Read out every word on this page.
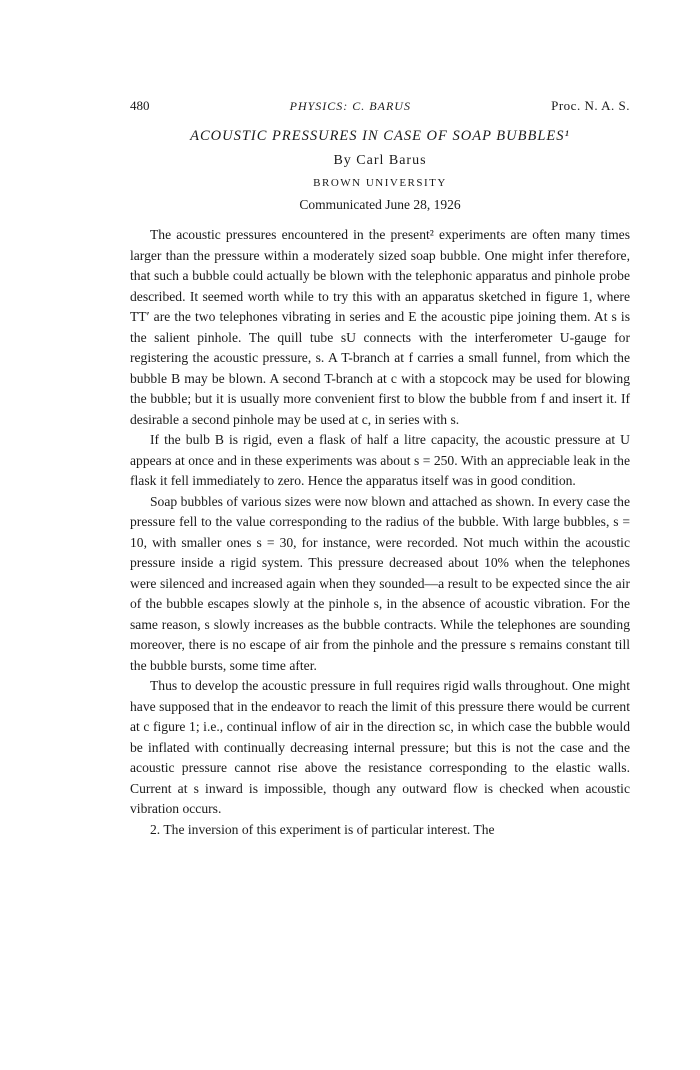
480	PHYSICS: C. BARUS	Proc. N. A. S.
ACOUSTIC PRESSURES IN CASE OF SOAP BUBBLES¹
By Carl Barus
BROWN UNIVERSITY
Communicated June 28, 1926

The acoustic pressures encountered in the present² experiments are often many times larger than the pressure within a moderately sized soap bubble. One might infer therefore, that such a bubble could actually be blown with the telephonic apparatus and pinhole probe described. It seemed worth while to try this with an apparatus sketched in figure 1, where TT′ are the two telephones vibrating in series and E the acoustic pipe joining them. At s is the salient pinhole. The quill tube sU connects with the interferometer U-gauge for registering the acoustic pressure, s. A T-branch at f carries a small funnel, from which the bubble B may be blown. A second T-branch at c with a stopcock may be used for blowing the bubble; but it is usually more convenient first to blow the bubble from f and insert it. If desirable a second pinhole may be used at c, in series with s.

If the bulb B is rigid, even a flask of half a litre capacity, the acoustic pressure at U appears at once and in these experiments was about s = 250. With an appreciable leak in the flask it fell immediately to zero. Hence the apparatus itself was in good condition.

Soap bubbles of various sizes were now blown and attached as shown. In every case the pressure fell to the value corresponding to the radius of the bubble. With large bubbles, s = 10, with smaller ones s = 30, for instance, were recorded. Not much within the acoustic pressure inside a rigid system. This pressure decreased about 10% when the telephones were silenced and increased again when they sounded—a result to be expected since the air of the bubble escapes slowly at the pinhole s, in the absence of acoustic vibration. For the same reason, s slowly increases as the bubble contracts. While the telephones are sounding moreover, there is no escape of air from the pinhole and the pressure s remains constant till the bubble bursts, some time after.

Thus to develop the acoustic pressure in full requires rigid walls throughout. One might have supposed that in the endeavor to reach the limit of this pressure there would be current at c figure 1; i.e., continual inflow of air in the direction sc, in which case the bubble would be inflated with continually decreasing internal pressure; but this is not the case and the acoustic pressure cannot rise above the resistance corresponding to the elastic walls. Current at s inward is impossible, though any outward flow is checked when acoustic vibration occurs.

2. The inversion of this experiment is of particular interest. The
